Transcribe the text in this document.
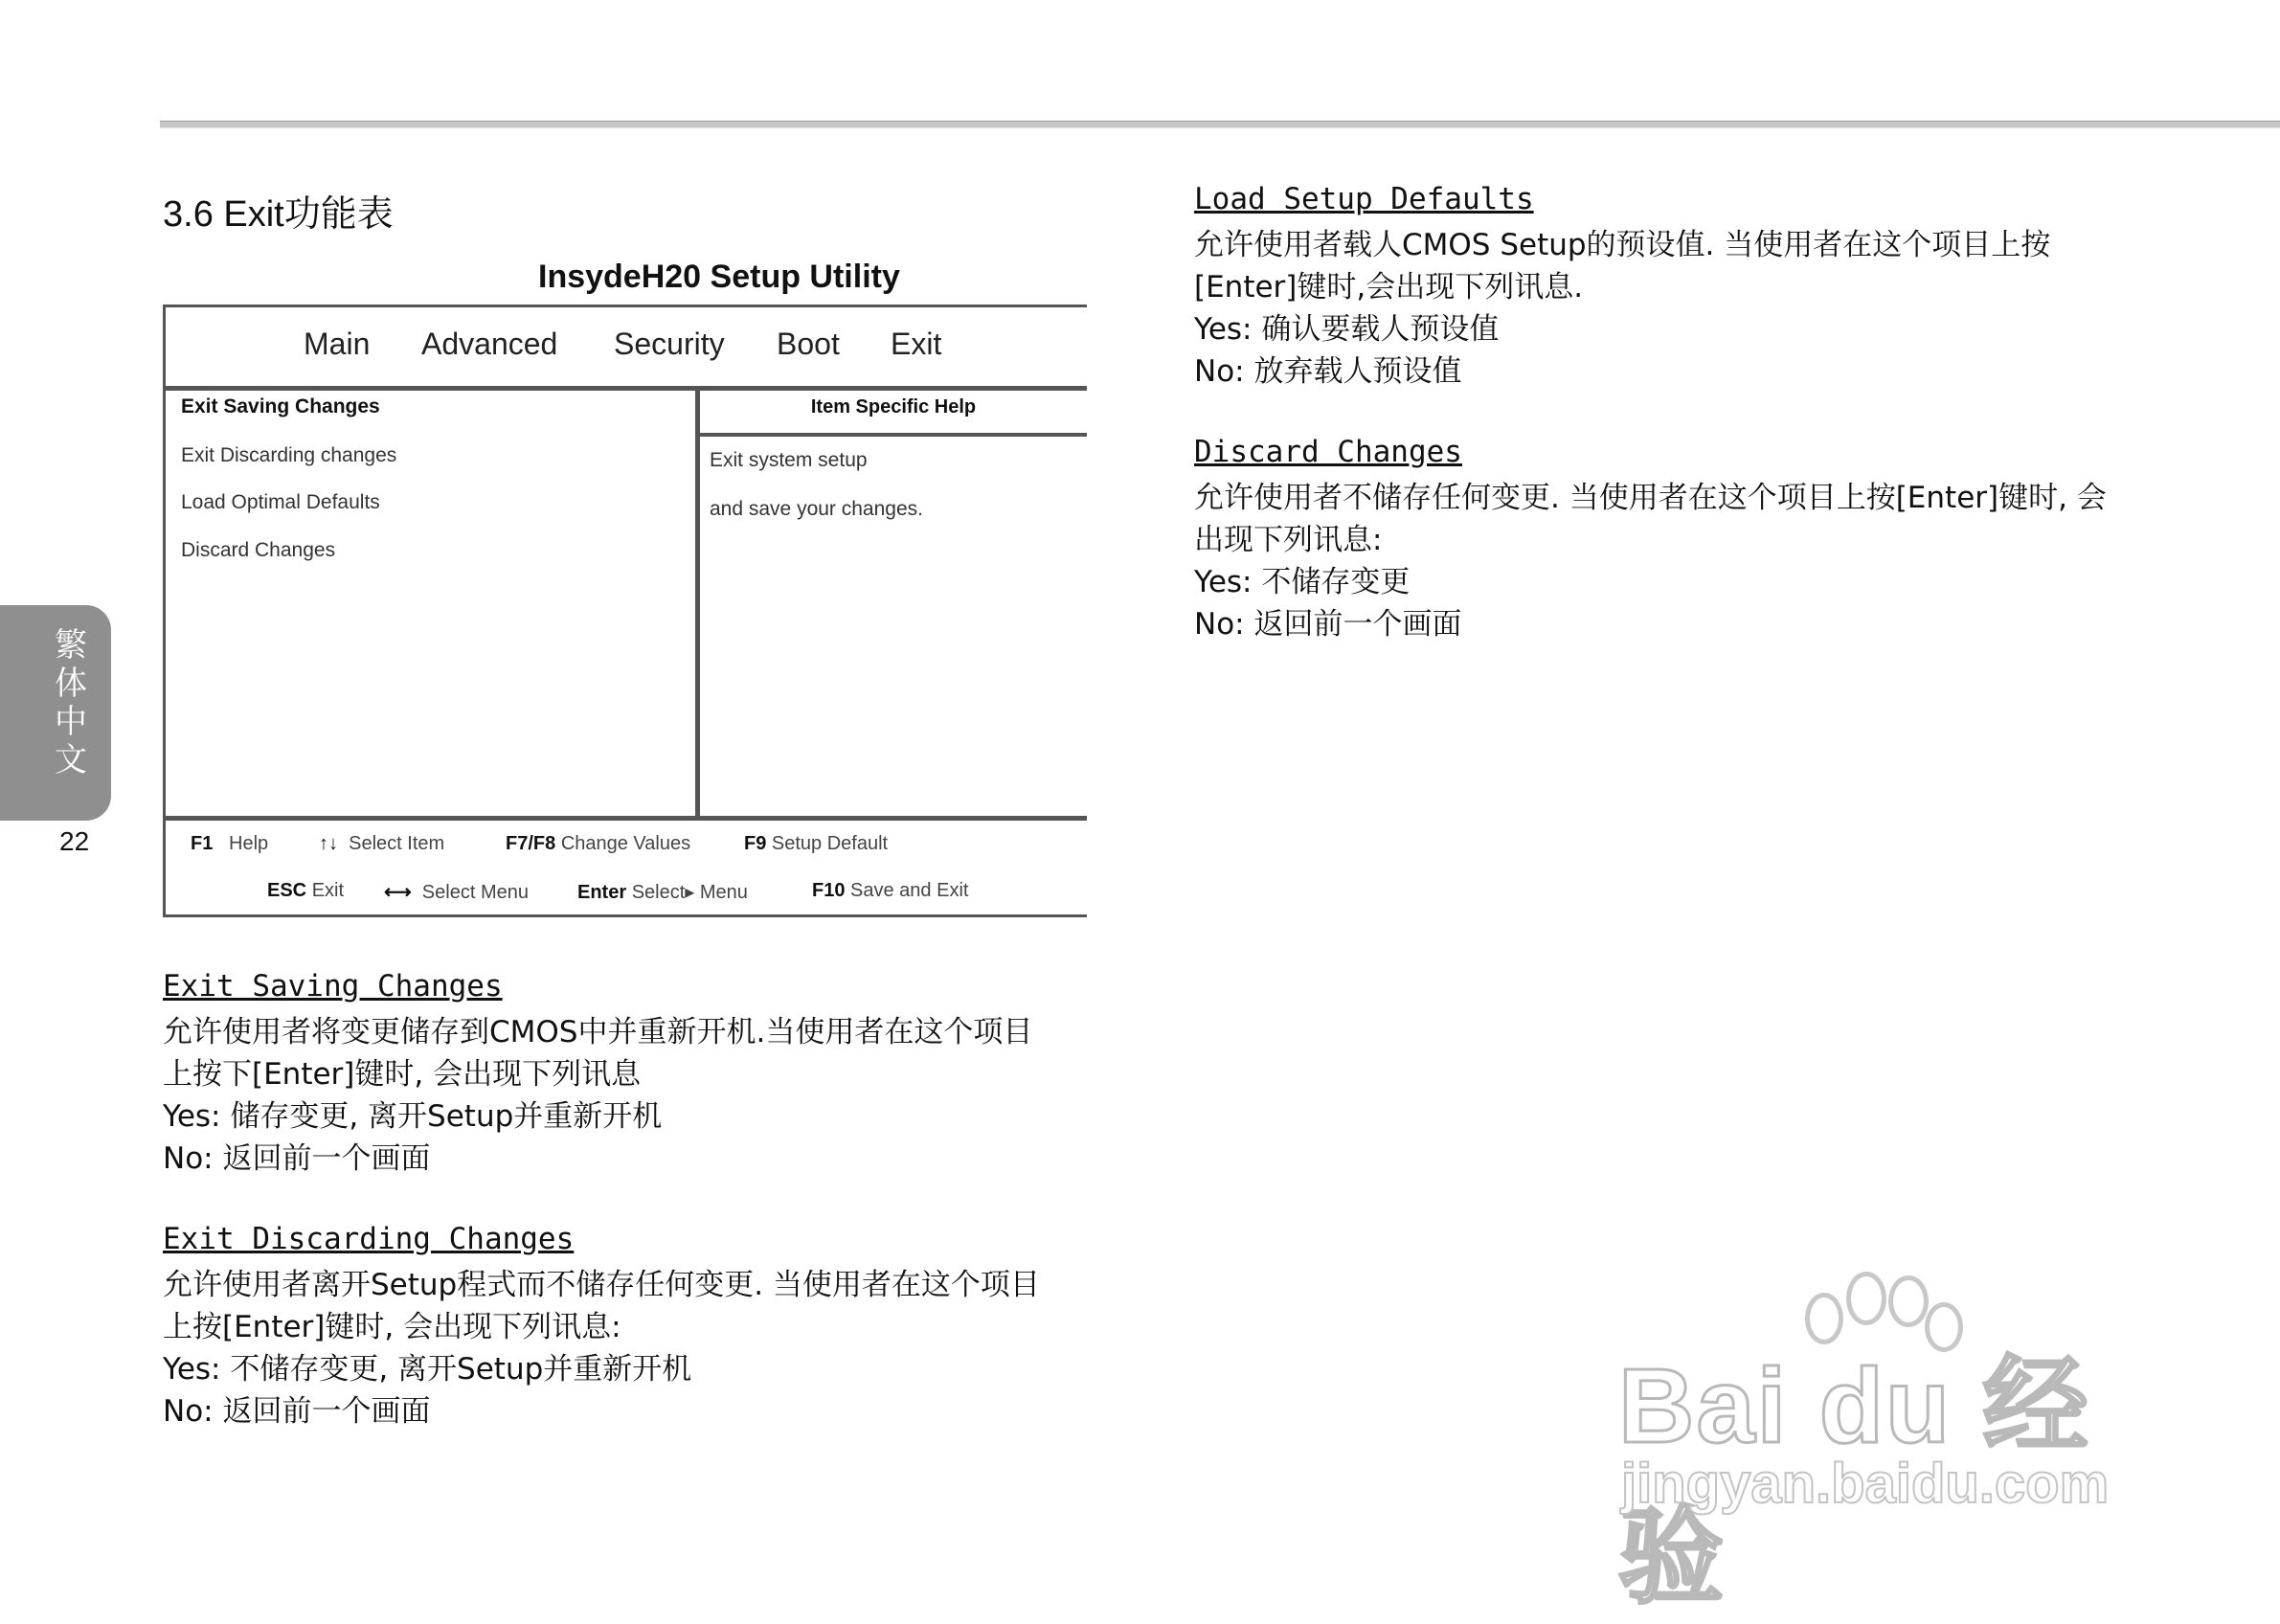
繁体中文
22
3.6 Exit功能表
InsydeH20 Setup Utility
Main Advanced Security Boot Exit
Exit Saving Changes
Exit Discarding changes
Load Optimal Defaults
Discard Changes
Item Specific Help
Exit system setup
and save your changes.
F1 Help	↑↓ Select Item	F7/F8 Change Values	F9 Setup Default
ESC Exit ⟷ Select Menu	Enter Select▸ Menu	F10 Save and Exit
Exit Saving Changes
允许使用者将变更储存到CMOS中并重新开机.当使用者在这个项目
上按下[Enter]键时, 会出现下列讯息
Yes: 储存变更, 离开Setup并重新开机
No: 返回前一个画面
Exit Discarding Changes
允许使用者离开Setup程式而不储存任何变更. 当使用者在这个项目
上按[Enter]键时, 会出现下列讯息:
Yes: 不储存变更, 离开Setup并重新开机
No: 返回前一个画面
Load Setup Defaults
允许使用者载人CMOS Setup的预设值. 当使用者在这个项目上按
[Enter]键时,会出现下列讯息.
Yes: 确认要载人预设值
No: 放弃载人预设值
Discard Changes
允许使用者不储存任何变更. 当使用者在这个项目上按[Enter]键时, 会
出现下列讯息:
Yes: 不储存变更
No: 返回前一个画面
Bai du 经验
jingyan.baidu.com
